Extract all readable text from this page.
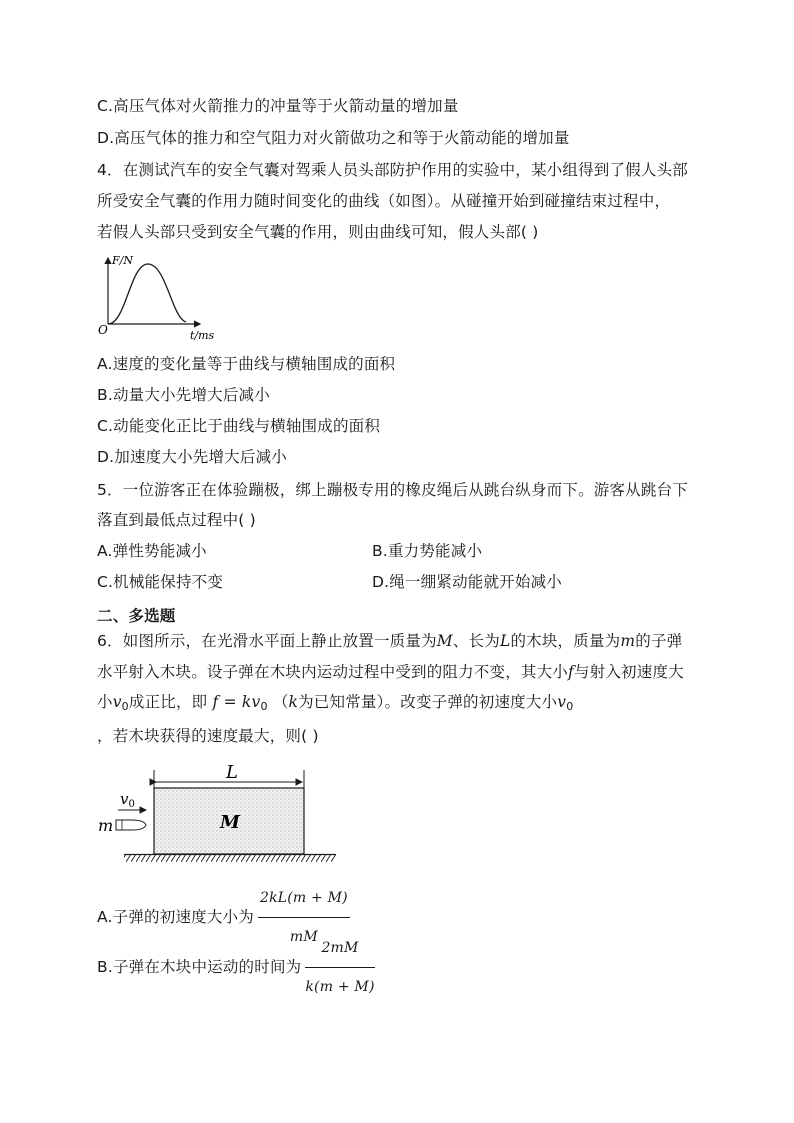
C.高压气体对火箭推力的冲量等于火箭动量的增加量
D.高压气体的推力和空气阻力对火箭做功之和等于火箭动能的增加量
4．在测试汽车的安全气囊对驾乘人员头部防护作用的实验中，某小组得到了假人头部
所受安全气囊的作用力随时间变化的曲线（如图）。从碰撞开始到碰撞结束过程中，
若假人头部只受到安全气囊的作用，则由曲线可知，假人头部( )
F/N
O	t/ms
A.速度的变化量等于曲线与横轴围成的面积
B.动量大小先增大后减小
C.动能变化正比于曲线与横轴围成的面积
D.加速度大小先增大后减小
5．一位游客正在体验蹦极，绑上蹦极专用的橡皮绳后从跳台纵身而下。游客从跳台下
落直到最低点过程中( )
A.弹性势能减小	B.重力势能减小
C.机械能保持不变	D.绳一绷紧动能就开始减小
二、多选题
6．如图所示，在光滑水平面上静止放置一质量为M、长为L的木块，质量为m的子弹
水平射入木块。设子弹在木块内运动过程中受到的阻力不变，其大小f与射入初速度大
小$v_0$成正比，即 $f = kv_0$ （k为已知常量）。改变子弹的初速度大小$v_0$
，若木块获得的速度最大，则( )
L
M
$v_0$
m
A.子弹的初速度大小为 $\frac{2kL(m + M)}{mM}$
B.子弹在木块中运动的时间为 $\frac{2mM}{k(m + M)}$
